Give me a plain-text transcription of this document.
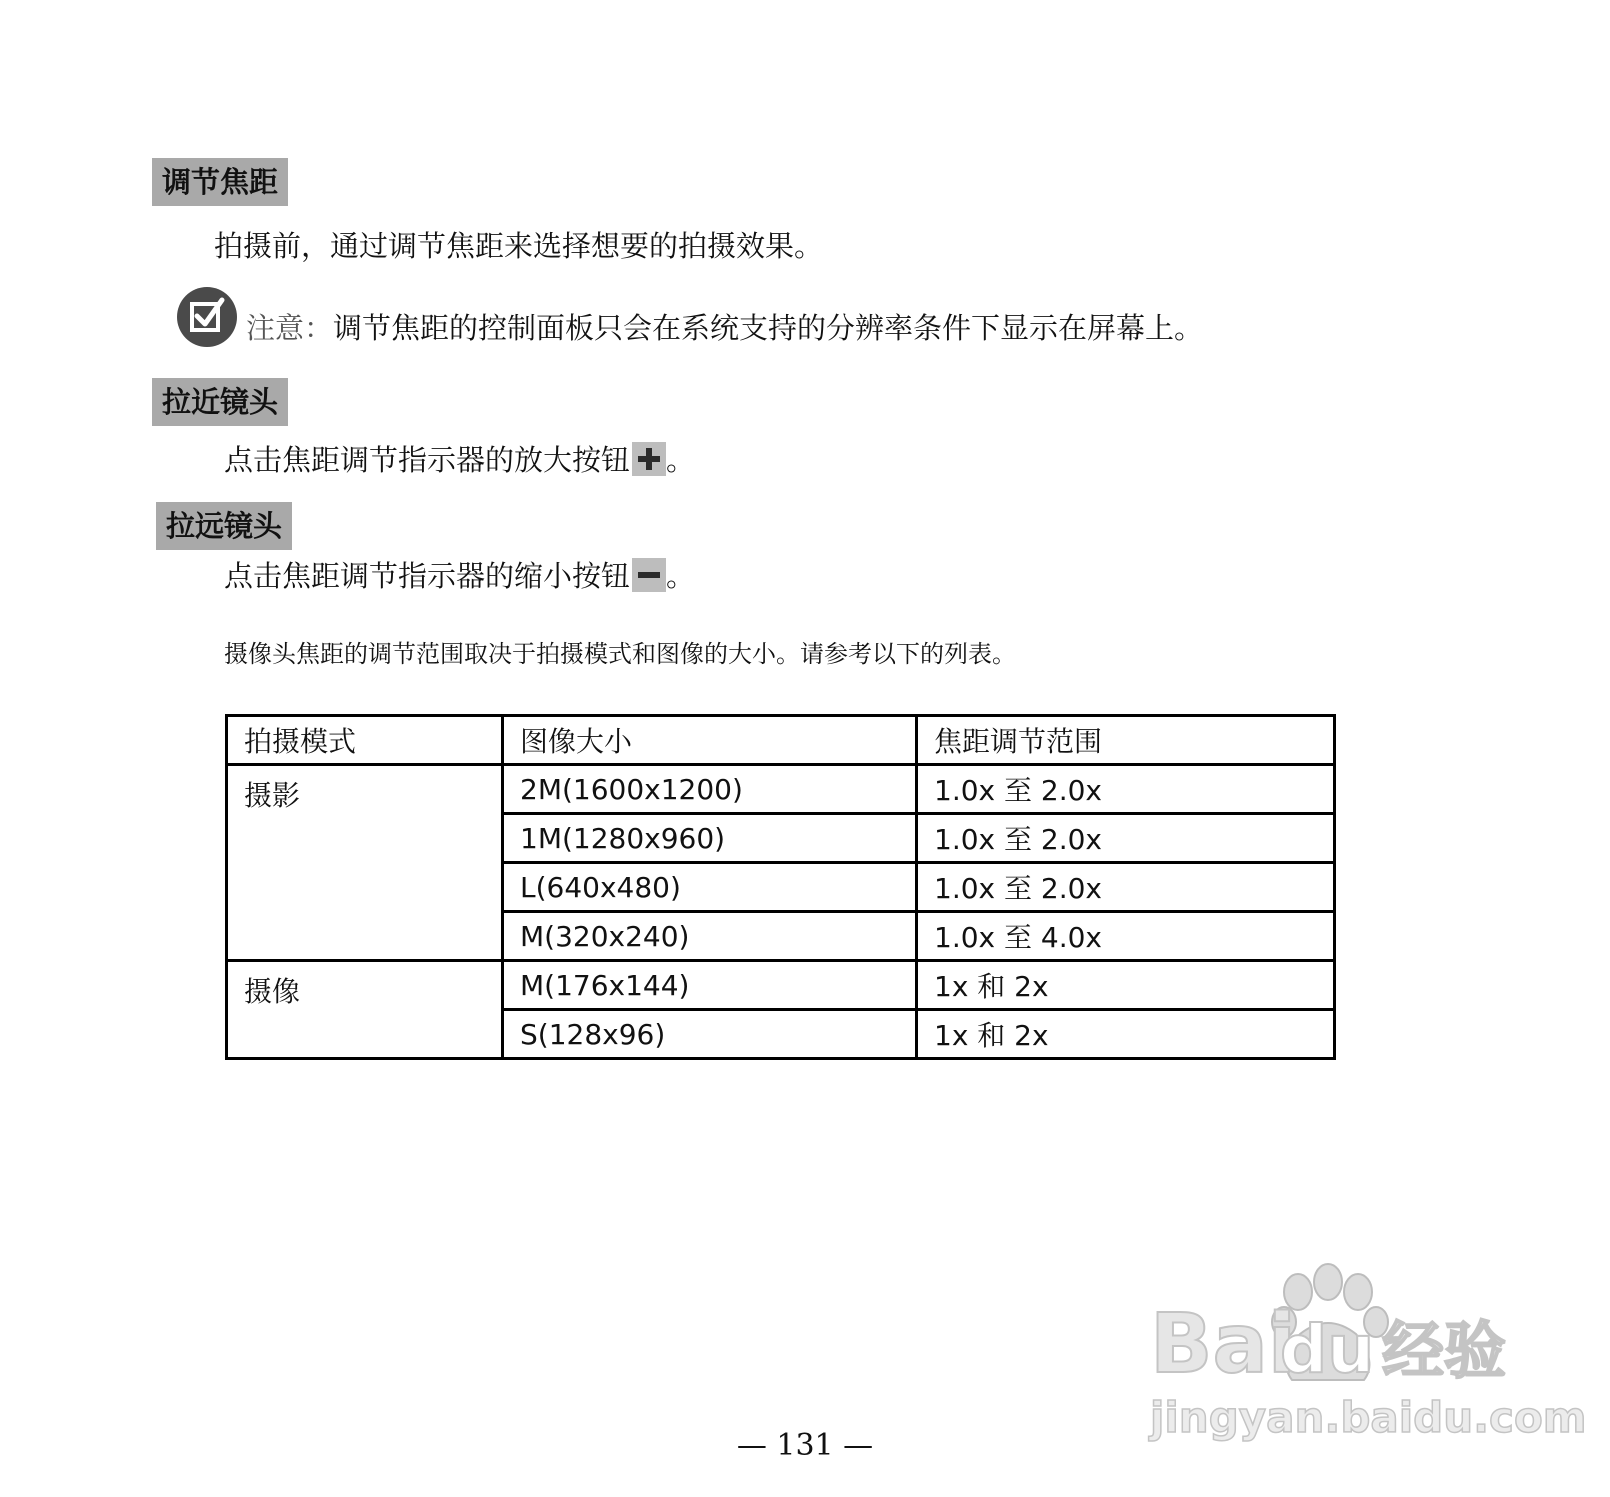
调节焦距
拍摄前，通过调节焦距来选择想要的拍摄效果。
注意：调节焦距的控制面板只会在系统支持的分辨率条件下显示在屏幕上。
拉近镜头
点击焦距调节指示器的放大按钮 。
拉远镜头
点击焦距调节指示器的缩小按钮 。
摄像头焦距的调节范围取决于拍摄模式和图像的大小。请参考以下的列表。
拍摄模式	图像大小	焦距调节范围
摄影	2M(1600x1200)	1.0x 至 2.0x
	1M(1280x960)	1.0x 至 2.0x
	L(640x480)	1.0x 至 2.0x
	M(320x240)	1.0x 至 4.0x
摄像	M(176x144)	1x 和 2x
	S(128x96)	1x 和 2x
Bai
du 经验
jingyan.baidu.com
— 131 —
